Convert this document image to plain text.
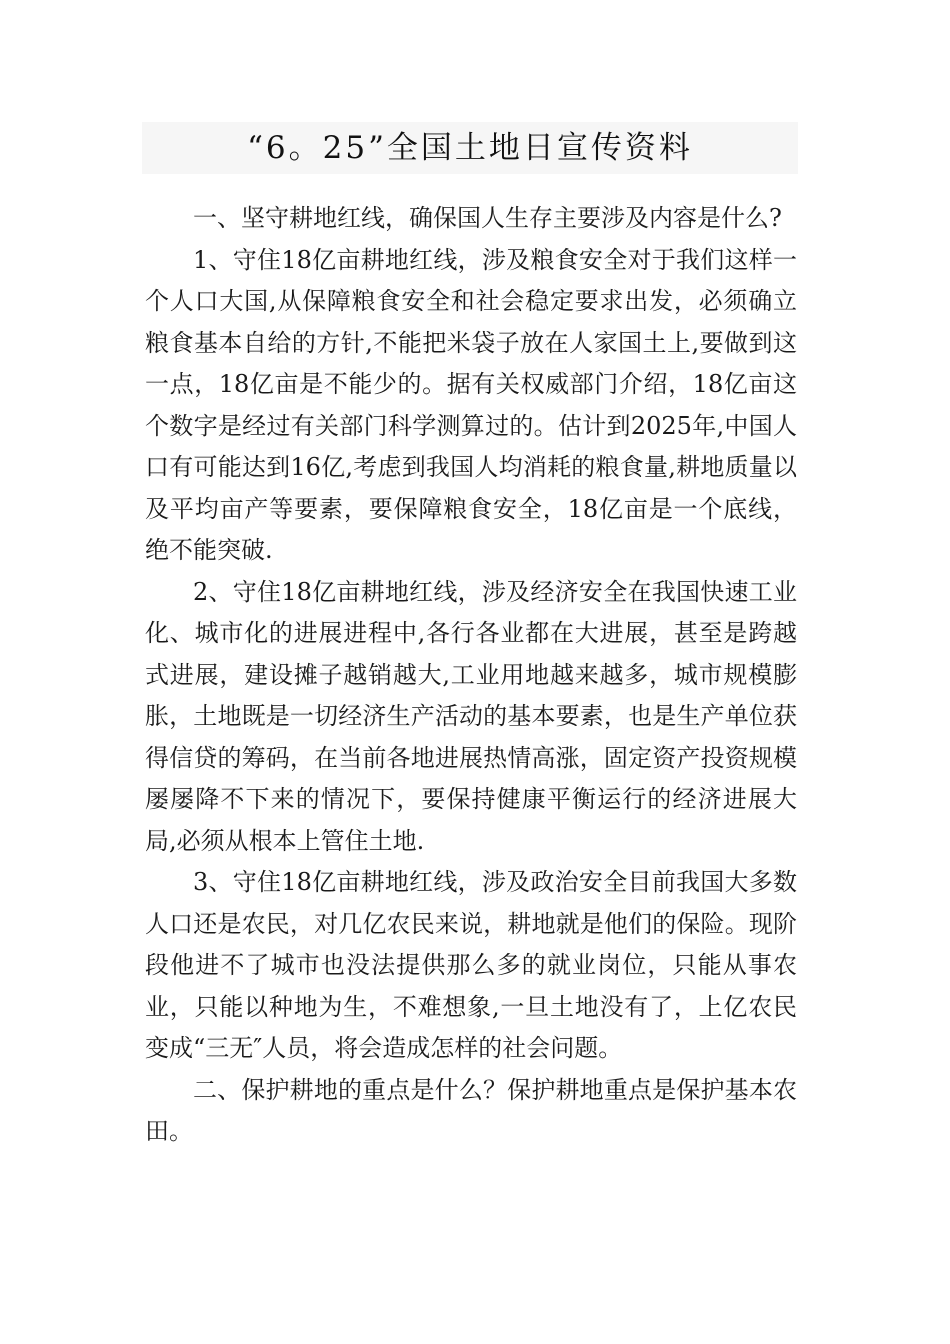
“6。25”全国土地日宣传资料

一、坚守耕地红线，确保国人生存主要涉及内容是什么?

1、守住18亿亩耕地红线，涉及粮食安全对于我们这样一个人口大国,从保障粮食安全和社会稳定要求出发，必须确立粮食基本自给的方针,不能把米袋子放在人家国土上,要做到这一点，18亿亩是不能少的。据有关权威部门介绍，18亿亩这个数字是经过有关部门科学测算过的。估计到2025年,中国人口有可能达到16亿,考虑到我国人均消耗的粮食量,耕地质量以及平均亩产等要素，要保障粮食安全，18亿亩是一个底线，绝不能突破.

2、守住18亿亩耕地红线，涉及经济安全在我国快速工业化、城市化的进展进程中,各行各业都在大进展，甚至是跨越式进展，建设摊子越销越大,工业用地越来越多，城市规模膨胀，土地既是一切经济生产活动的基本要素，也是生产单位获得信贷的筹码，在当前各地进展热情高涨，固定资产投资规模屡屡降不下来的情况下，要保持健康平衡运行的经济进展大局,必须从根本上管住土地.

3、守住18亿亩耕地红线，涉及政治安全目前我国大多数人口还是农民，对几亿农民来说，耕地就是他们的保险。现阶段他进不了城市也没法提供那么多的就业岗位，只能从事农业，只能以种地为生，不难想象,一旦土地没有了，上亿农民变成“三无″人员，将会造成怎样的社会问题。

二、保护耕地的重点是什么？保护耕地重点是保护基本农田。
